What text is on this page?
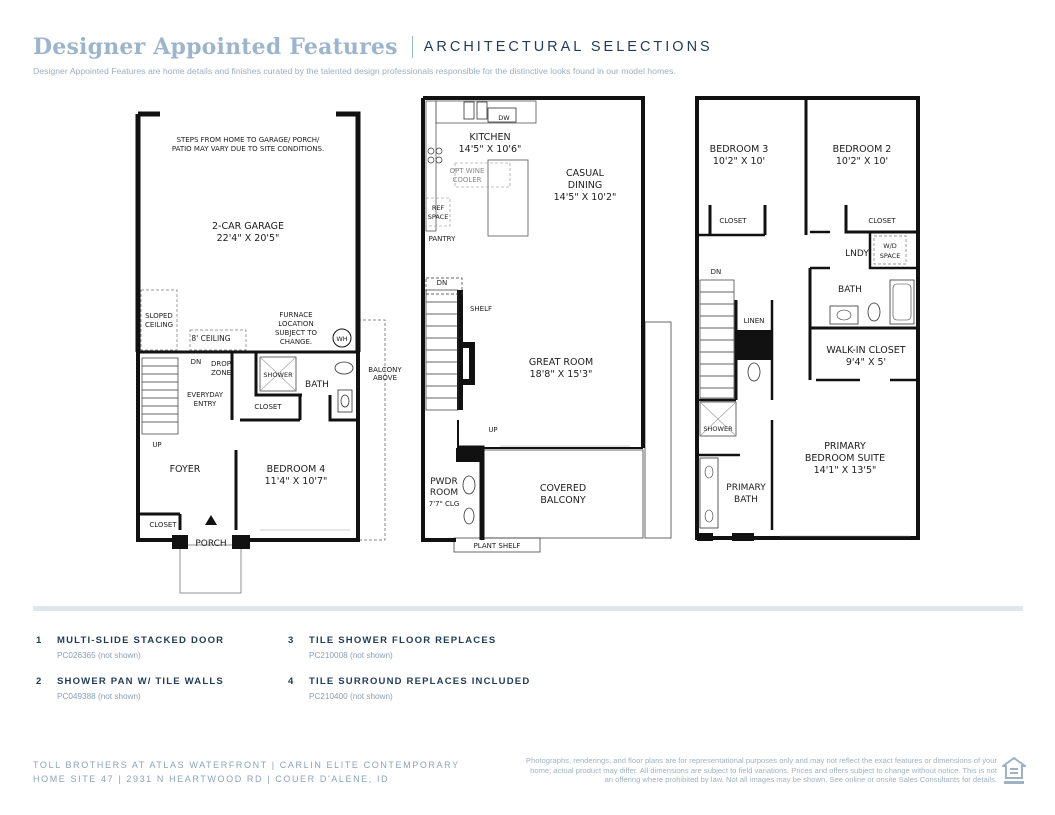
Designer Appointed Features ARCHITECTURAL SELECTIONS
Designer Appointed Features are home details and finishes curated by the talented design professionals responsible for the distinctive looks found in our model homes.
STEPS FROM HOME TO GARAGE/ PORCH/
PATIO MAY VARY DUE TO SITE CONDITIONS.
2-CAR GARAGE
22'4" X 20'5"
SLOPED
CEILING
8' CEILING
FURNACE
LOCATION
SUBJECT TO
CHANGE.	WH
DN DROP
ZONE	SHOWER
BATH
BALCONY
ABOVE
EVERYDAY
ENTRY	CLOSET
UP
FOYER	BEDROOM 4
11'4" X 10'7"
CLOSET
PORCH
DW
KITCHEN
14'5" X 10'6"
CASUAL
DINING
14'5" X 10'2"
OPT WINE
COOLER
REF
SPACE
PANTRY
DN
SHELF
GREAT ROOM
18'8" X 15'3"
UP
PWDR
ROOM
7'7" CLG
COVERED
BALCONY
PLANT SHELF
BEDROOM 3
10'2" X 10'
BEDROOM 2
10'2" X 10'
CLOSET	CLOSET
LNDY
W/D
SPACE
DN
BATH
LINEN
WALK-IN CLOSET
9'4" X 5'
SHOWER
PRIMARY
BEDROOM SUITE
14'1" X 13'5"
PRIMARY
BATH
1 MULTI-SLIDE STACKED DOOR
PC026365 (not shown)
2 SHOWER PAN W/ TILE WALLS
PC049388 (not shown)
3 TILE SHOWER FLOOR REPLACES
PC210008 (not shown)
4 TILE SURROUND REPLACES INCLUDED
PC210400 (not shown)
TOLL BROTHERS AT ATLAS WATERFRONT | CARLIN ELITE CONTEMPORARY
HOME SITE 47 | 2931 N HEARTWOOD RD | COUER D'ALENE, ID
Photographs, renderings, and floor plans are for representational purposes only and may not reflect the exact features or dimensions of your home; actual product may differ. All dimensions are subject to field variations. Prices and offers subject to change without notice. This is not an offering where prohibited by law. Not all images may be shown. See online or onsite Sales Consultants for details.
